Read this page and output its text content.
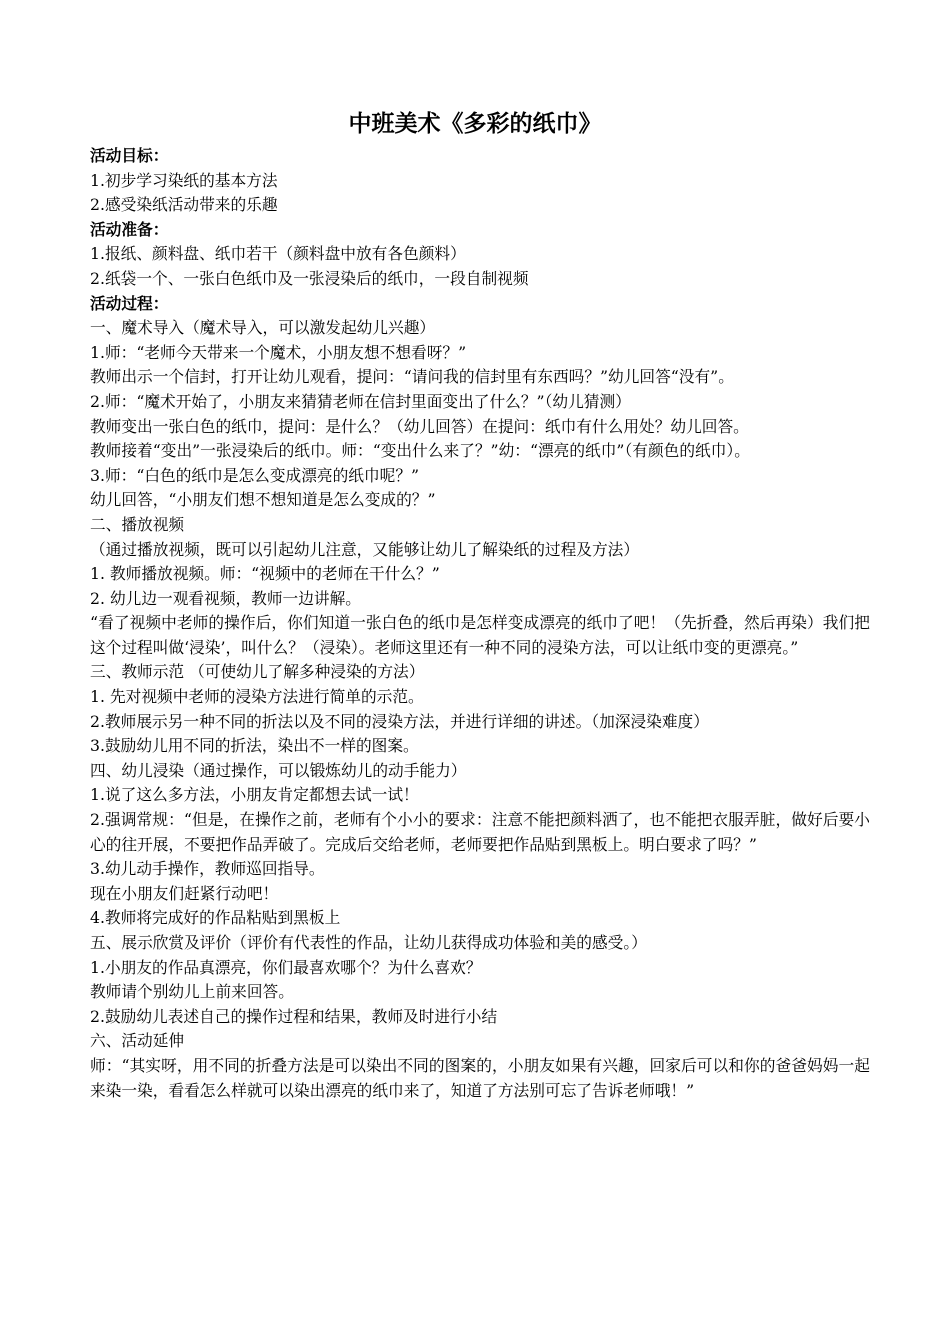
中班美术《多彩的纸巾》

活动目标：

1.初步学习染纸的基本方法

2.感受染纸活动带来的乐趣

活动准备：

1.报纸、颜料盘、纸巾若干（颜料盘中放有各色颜料）

2.纸袋一个、一张白色纸巾及一张浸染后的纸巾，一段自制视频

活动过程：

一、魔术导入（魔术导入，可以激发起幼儿兴趣）

1.师：“老师今天带来一个魔术，小朋友想不想看呀？”

教师出示一个信封，打开让幼儿观看，提问：“请问我的信封里有东西吗？”幼儿回答“没有”。

2.师：“魔术开始了，小朋友来猜猜老师在信封里面变出了什么？”（幼儿猜测）

教师变出一张白色的纸巾，提问：是什么？（幼儿回答）在提问：纸巾有什么用处？幼儿回答。

教师接着“变出”一张浸染后的纸巾。师：“变出什么来了？”幼：“漂亮的纸巾”（有颜色的纸巾）。

3.师：“白色的纸巾是怎么变成漂亮的纸巾呢？”

幼儿回答，“小朋友们想不想知道是怎么变成的？”

二、播放视频

（通过播放视频，既可以引起幼儿注意，又能够让幼儿了解染纸的过程及方法）

1. 教师播放视频。师：“视频中的老师在干什么？”

2. 幼儿边一观看视频，教师一边讲解。

“看了视频中老师的操作后，你们知道一张白色的纸巾是怎样变成漂亮的纸巾了吧！（先折叠，然后再染）我们把这个过程叫做‘浸染’，叫什么？（浸染）。老师这里还有一种不同的浸染方法，可以让纸巾变的更漂亮。”

三、教师示范 （可使幼儿了解多种浸染的方法）

1. 先对视频中老师的浸染方法进行简单的示范。

2.教师展示另一种不同的折法以及不同的浸染方法，并进行详细的讲述。（加深浸染难度）

3.鼓励幼儿用不同的折法，染出不一样的图案。

四、幼儿浸染（通过操作，可以锻炼幼儿的动手能力）

1.说了这么多方法，小朋友肯定都想去试一试！

2.强调常规：“但是，在操作之前，老师有个小小的要求：注意不能把颜料洒了，也不能把衣服弄脏，做好后要小心的往开展，不要把作品弄破了。完成后交给老师，老师要把作品贴到黑板上。明白要求了吗？”

3.幼儿动手操作，教师巡回指导。

现在小朋友们赶紧行动吧！

4.教师将完成好的作品粘贴到黑板上

五、展示欣赏及评价（评价有代表性的作品，让幼儿获得成功体验和美的感受。）

1.小朋友的作品真漂亮，你们最喜欢哪个？为什么喜欢？

教师请个别幼儿上前来回答。

2.鼓励幼儿表述自己的操作过程和结果，教师及时进行小结

六、活动延伸

师：“其实呀，用不同的折叠方法是可以染出不同的图案的，小朋友如果有兴趣，回家后可以和你的爸爸妈妈一起来染一染，看看怎么样就可以染出漂亮的纸巾来了，知道了方法别可忘了告诉老师哦！”
